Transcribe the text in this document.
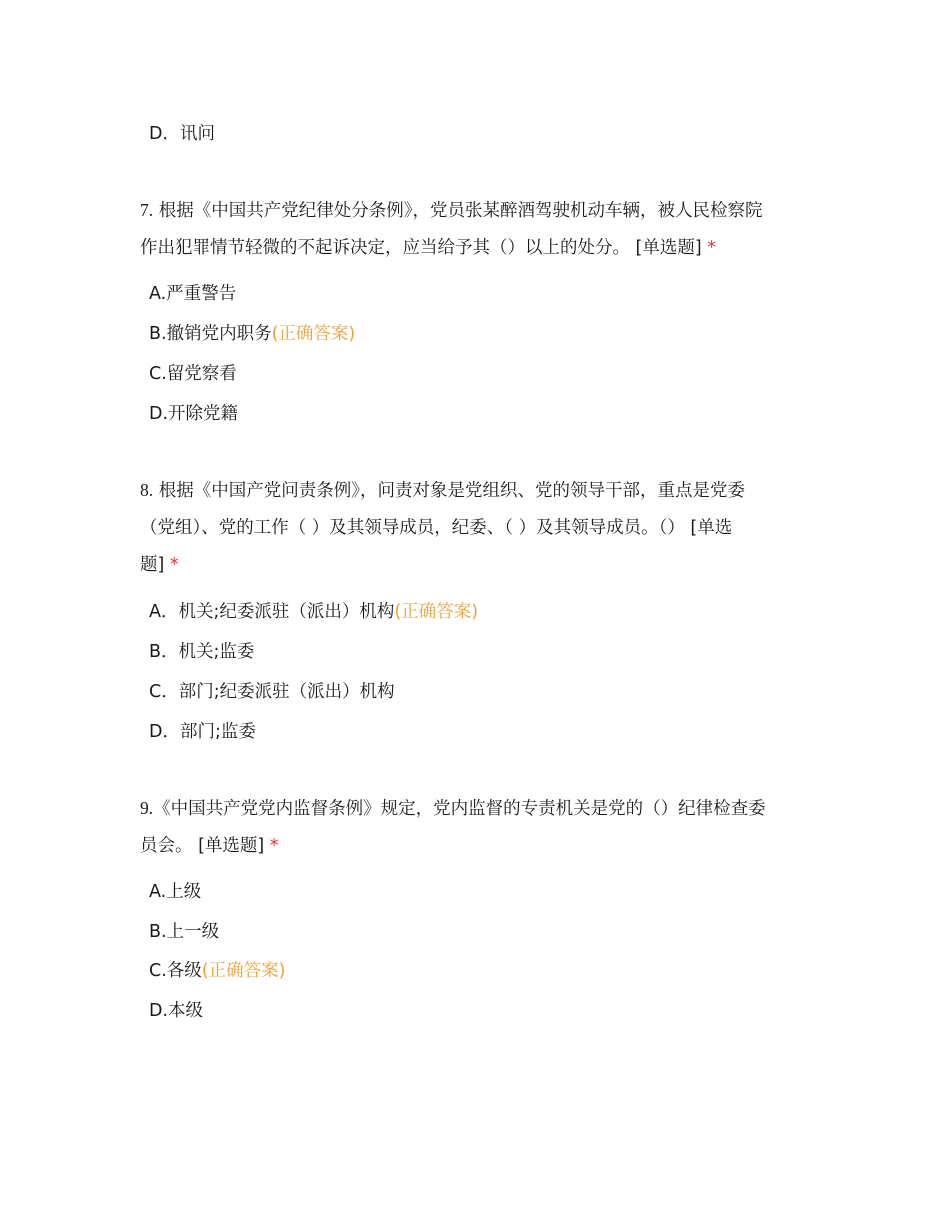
D．讯问
7. 根据《中国共产党纪律处分条例》，党员张某醉酒驾驶机动车辆，被人民检察院
作出犯罪情节轻微的不起诉决定，应当给予其（）以上的处分。 [单选题] *
A.严重警告
B.撤销党内职务(正确答案)
C.留党察看
D.开除党籍
8. 根据《中国产党问责条例》，问责对象是党组织、党的领导干部，重点是党委
（党组）、党的工作（ ）及其领导成员，纪委、（ ）及其领导成员。（） [单选
题] *
A．机关;纪委派驻（派出）机构(正确答案)
B．机关;监委
C．部门;纪委派驻（派出）机构
D．部门;监委
9.《中国共产党党内监督条例》规定，党内监督的专责机关是党的（）纪律检查委
员会。 [单选题] *
A.上级
B.上一级
C.各级(正确答案)
D.本级
